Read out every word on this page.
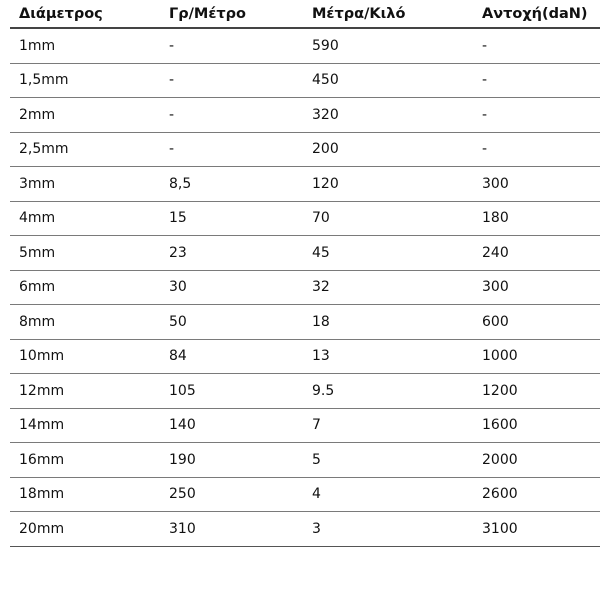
Διάμετρος	Γρ/Μέτρο	Μέτρα/Κιλό	Αντοχή(daN)
1mm	-	590	-
1,5mm	-	450	-
2mm	-	320	-
2,5mm	-	200	-
3mm	8,5	120	300
4mm	15	70	180
5mm	23	45	240
6mm	30	32	300
8mm	50	18	600
10mm	84	13	1000
12mm	105	9.5	1200
14mm	140	7	1600
16mm	190	5	2000
18mm	250	4	2600
20mm	310	3	3100
